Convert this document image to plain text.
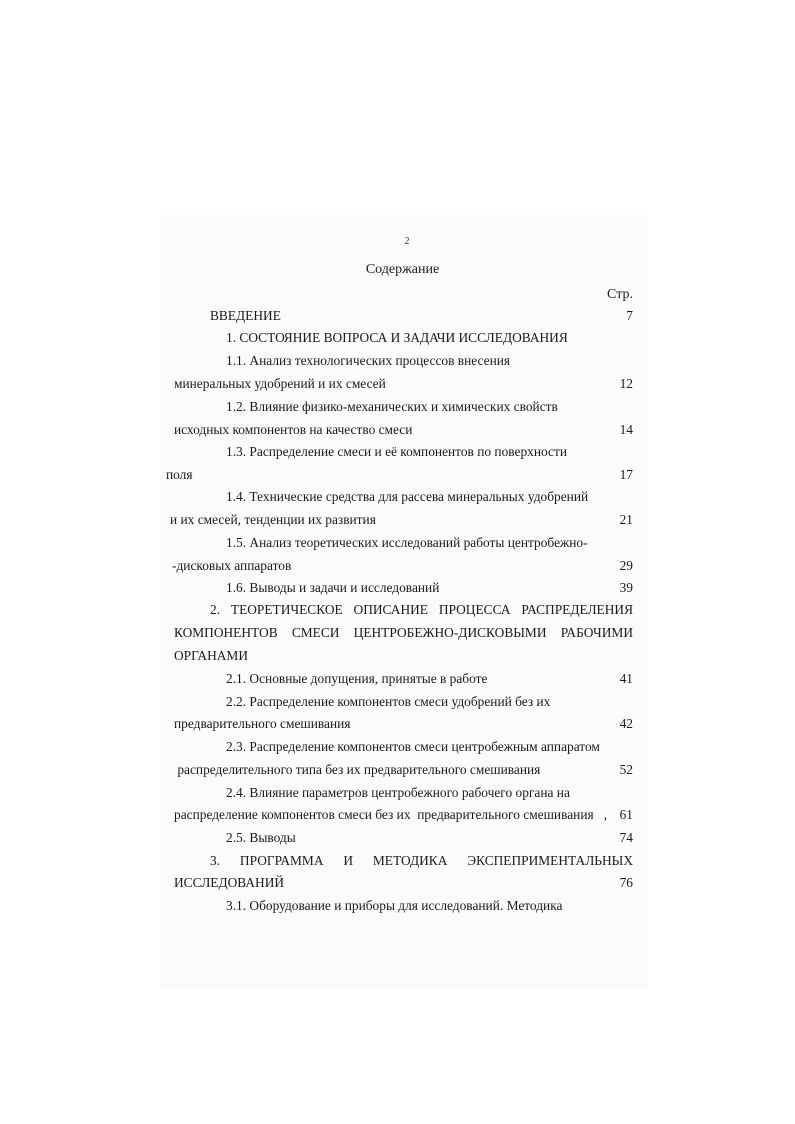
2
Содержание
Стр.
ВВЕДЕНИЕ	7
1. СОСТОЯНИЕ ВОПРОСА И ЗАДАЧИ ИССЛЕДОВАНИЯ
1.1. Анализ технологических процессов внесения
минеральных удобрений и их смесей	12
1.2. Влияние физико-механических и химических свойств
исходных компонентов на качество смеси	14
1.3. Распределение смеси и её компонентов по поверхности
поля	17
1.4. Технические средства для рассева минеральных удобрений
и их смесей, тенденции их развития	21
1.5. Анализ теоретических исследований работы центробежно-
-дисковых аппаратов	29
1.6. Выводы и задачи и исследований	39
2. ТЕОРЕТИЧЕСКОЕ ОПИСАНИЕ ПРОЦЕССА РАСПРЕДЕЛЕНИЯ
КОМПОНЕНТОВ СМЕСИ ЦЕНТРОБЕЖНО-ДИСКОВЫМИ РАБОЧИМИ
ОРГАНАМИ
2.1. Основные допущения, принятые в работе	41
2.2. Распределение компонентов смеси удобрений без их
предварительного смешивания	42
2.3. Распределение компонентов смеси центробежным аппаратом
распределительного типа без их предварительного смешивания	52
2.4. Влияние параметров центробежного рабочего органа на
распределение компонентов смеси без их  предварительного смешивания   , 61
2.5. Выводы	74
3. ПРОГРАММА И МЕТОДИКА ЭКСПЕПРИМЕНТАЛЬНЫХ
ИССЛЕДОВАНИЙ	76
3.1. Оборудование и приборы для исследований. Методика
